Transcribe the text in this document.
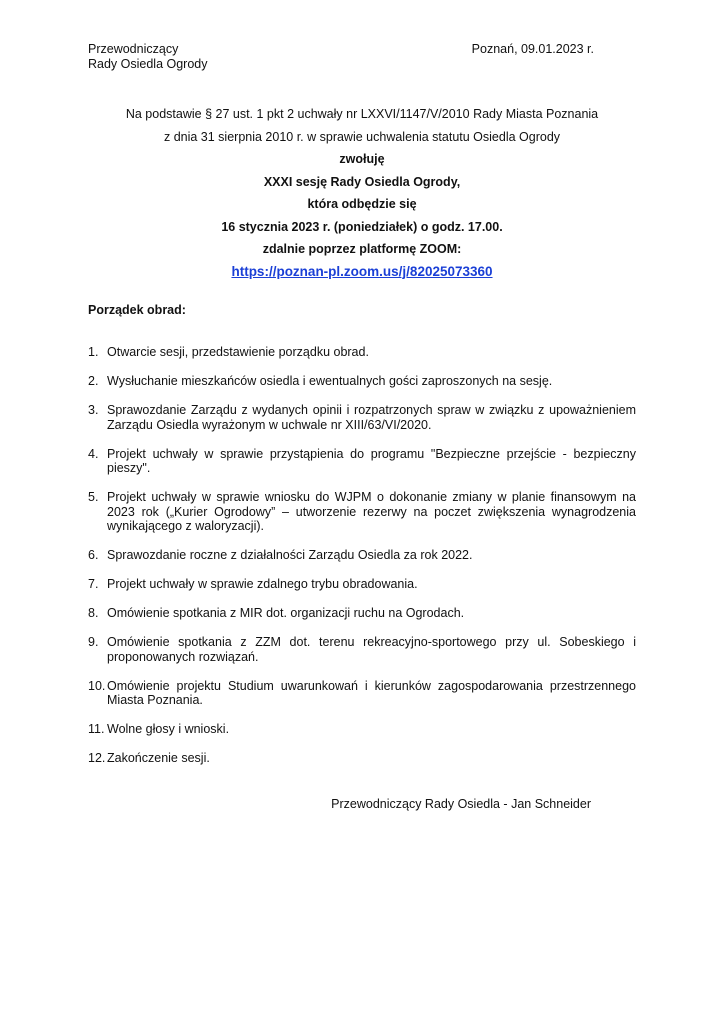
Przewodniczący
Rady Osiedla Ogrody
Poznań, 09.01.2023 r.
Na podstawie § 27 ust. 1 pkt 2 uchwały nr LXXVI/1147/V/2010 Rady Miasta Poznania
z dnia 31 sierpnia 2010 r. w sprawie uchwalenia statutu Osiedla Ogrody
zwołuję
XXXI sesję Rady Osiedla Ogrody,
która odbędzie się
16 stycznia 2023 r. (poniedziałek) o godz. 17.00.
zdalnie poprzez platformę ZOOM:
https://poznan-pl.zoom.us/j/82025073360
Porządek obrad:
1. Otwarcie sesji, przedstawienie porządku obrad.
2. Wysłuchanie mieszkańców osiedla i ewentualnych gości zaproszonych na sesję.
3. Sprawozdanie Zarządu z wydanych opinii i rozpatrzonych spraw w związku z upoważnieniem Zarządu Osiedla wyrażonym w uchwale nr XIII/63/VI/2020.
4. Projekt uchwały w sprawie przystąpienia do programu "Bezpieczne przejście - bezpieczny pieszy".
5. Projekt uchwały w sprawie wniosku do WJPM o dokonanie zmiany w planie finansowym na 2023 rok („Kurier Ogrodowy” – utworzenie rezerwy na poczet zwiększenia wynagrodzenia wynikającego z waloryzacji).
6. Sprawozdanie roczne z działalności Zarządu Osiedla za rok 2022.
7. Projekt uchwały w sprawie zdalnego trybu obradowania.
8. Omówienie spotkania z MIR dot. organizacji ruchu na Ogrodach.
9. Omówienie spotkania z ZZM dot. terenu rekreacyjno-sportowego przy ul. Sobeskiego i proponowanych rozwiązań.
10. Omówienie projektu Studium uwarunkowań i kierunków zagospodarowania przestrzennego Miasta Poznania.
11. Wolne głosy i wnioski.
12. Zakończenie sesji.
Przewodniczący Rady Osiedla - Jan Schneider
